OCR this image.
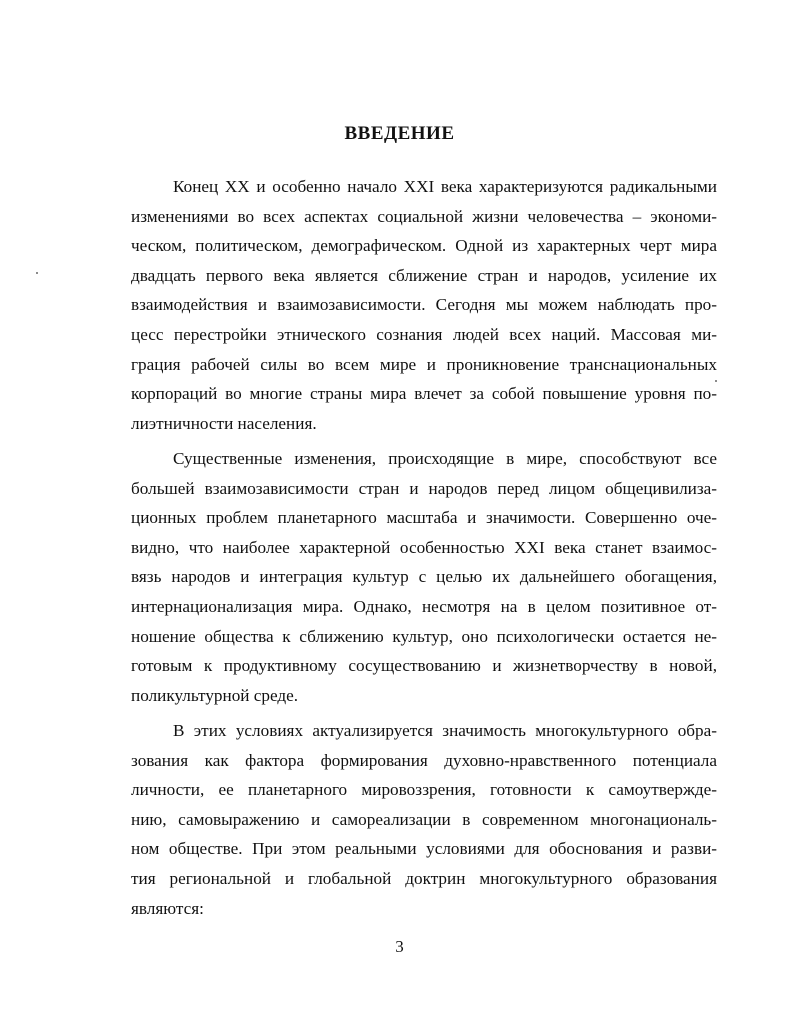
ВВЕДЕНИЕ
Конец XX и особенно начало XXI века характеризуются радикальными
изменениями во всех аспектах социальной жизни человечества – экономи-
ческом, политическом, демографическом. Одной из характерных черт мира
двадцать первого века является сближение стран и народов, усиление их
взаимодействия и взаимозависимости. Сегодня мы можем наблюдать про-
цесс перестройки этнического сознания людей всех наций. Массовая ми-
грация рабочей силы во всем мире и проникновение транснациональных
корпораций во многие страны мира влечет за собой повышение уровня по-
лиэтничности населения.
Существенные изменения, происходящие в мире, способствуют все
большей взаимозависимости стран и народов перед лицом общецивилиза-
ционных проблем планетарного масштаба и значимости. Совершенно оче-
видно, что наиболее характерной особенностью XXI века станет взаимос-
вязь народов и интеграция культур с целью их дальнейшего обогащения,
интернационализация мира. Однако, несмотря на в целом позитивное от-
ношение общества к сближению культур, оно психологически остается не-
готовым к продуктивному сосуществованию и жизнетворчеству в новой,
поликультурной среде.
В этих условиях актуализируется значимость многокультурного обра-
зования как фактора формирования духовно-нравственного потенциала
личности, ее планетарного мировоззрения, готовности к самоутвержде-
нию, самовыражению и самореализации в современном многонациональ-
ном обществе. При этом реальными условиями для обоснования и разви-
тия региональной и глобальной доктрин многокультурного образования
являются:
3
